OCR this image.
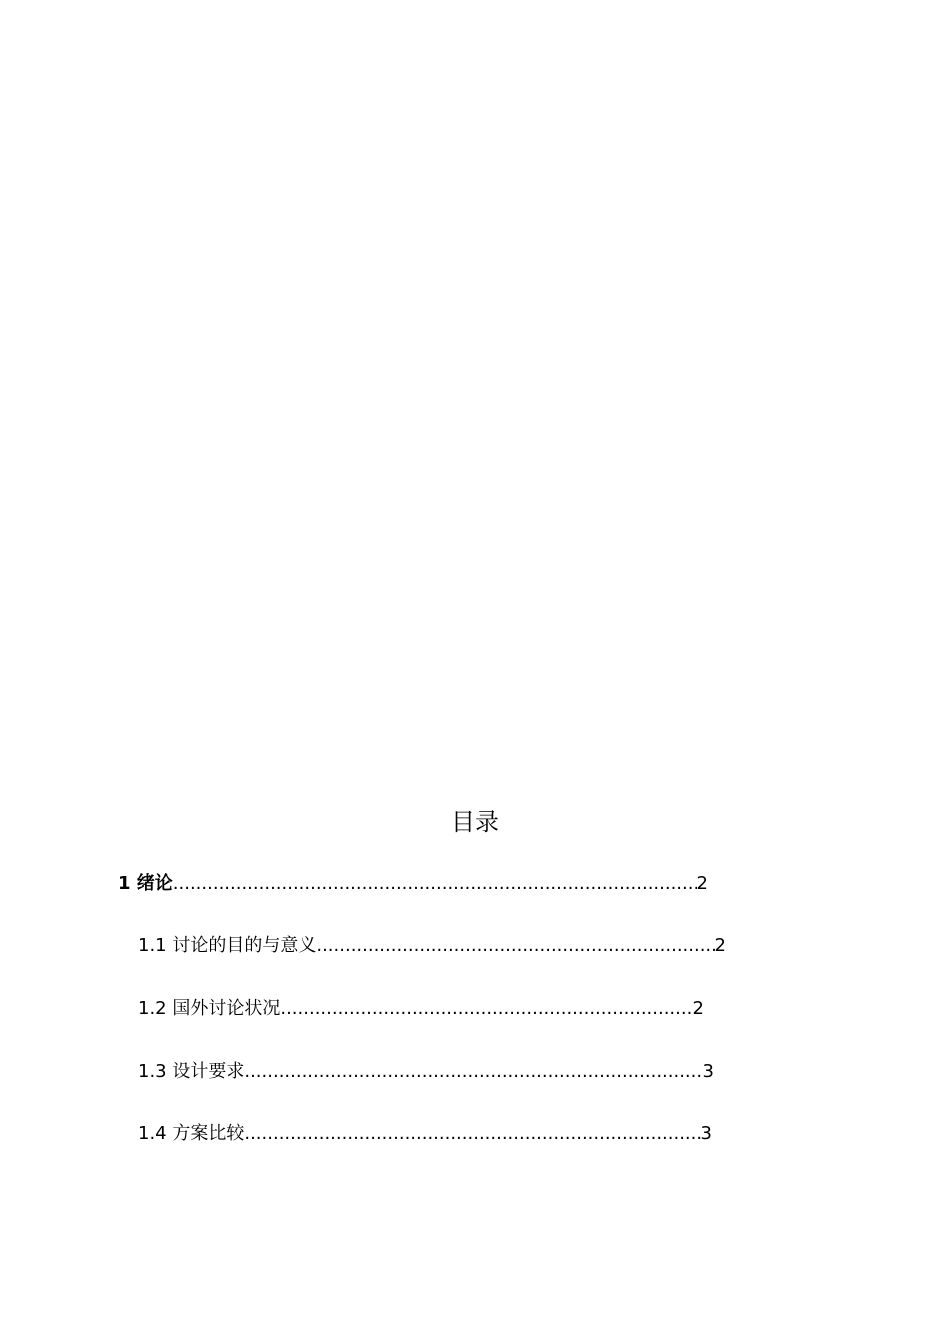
目录
1 绪论 .....	2
1.1 讨论的目的与意义 .....	2
1.2 国外讨论状况 .....	2
1.3 设计要求 .....	3
1.4 方案比较 .....	3
